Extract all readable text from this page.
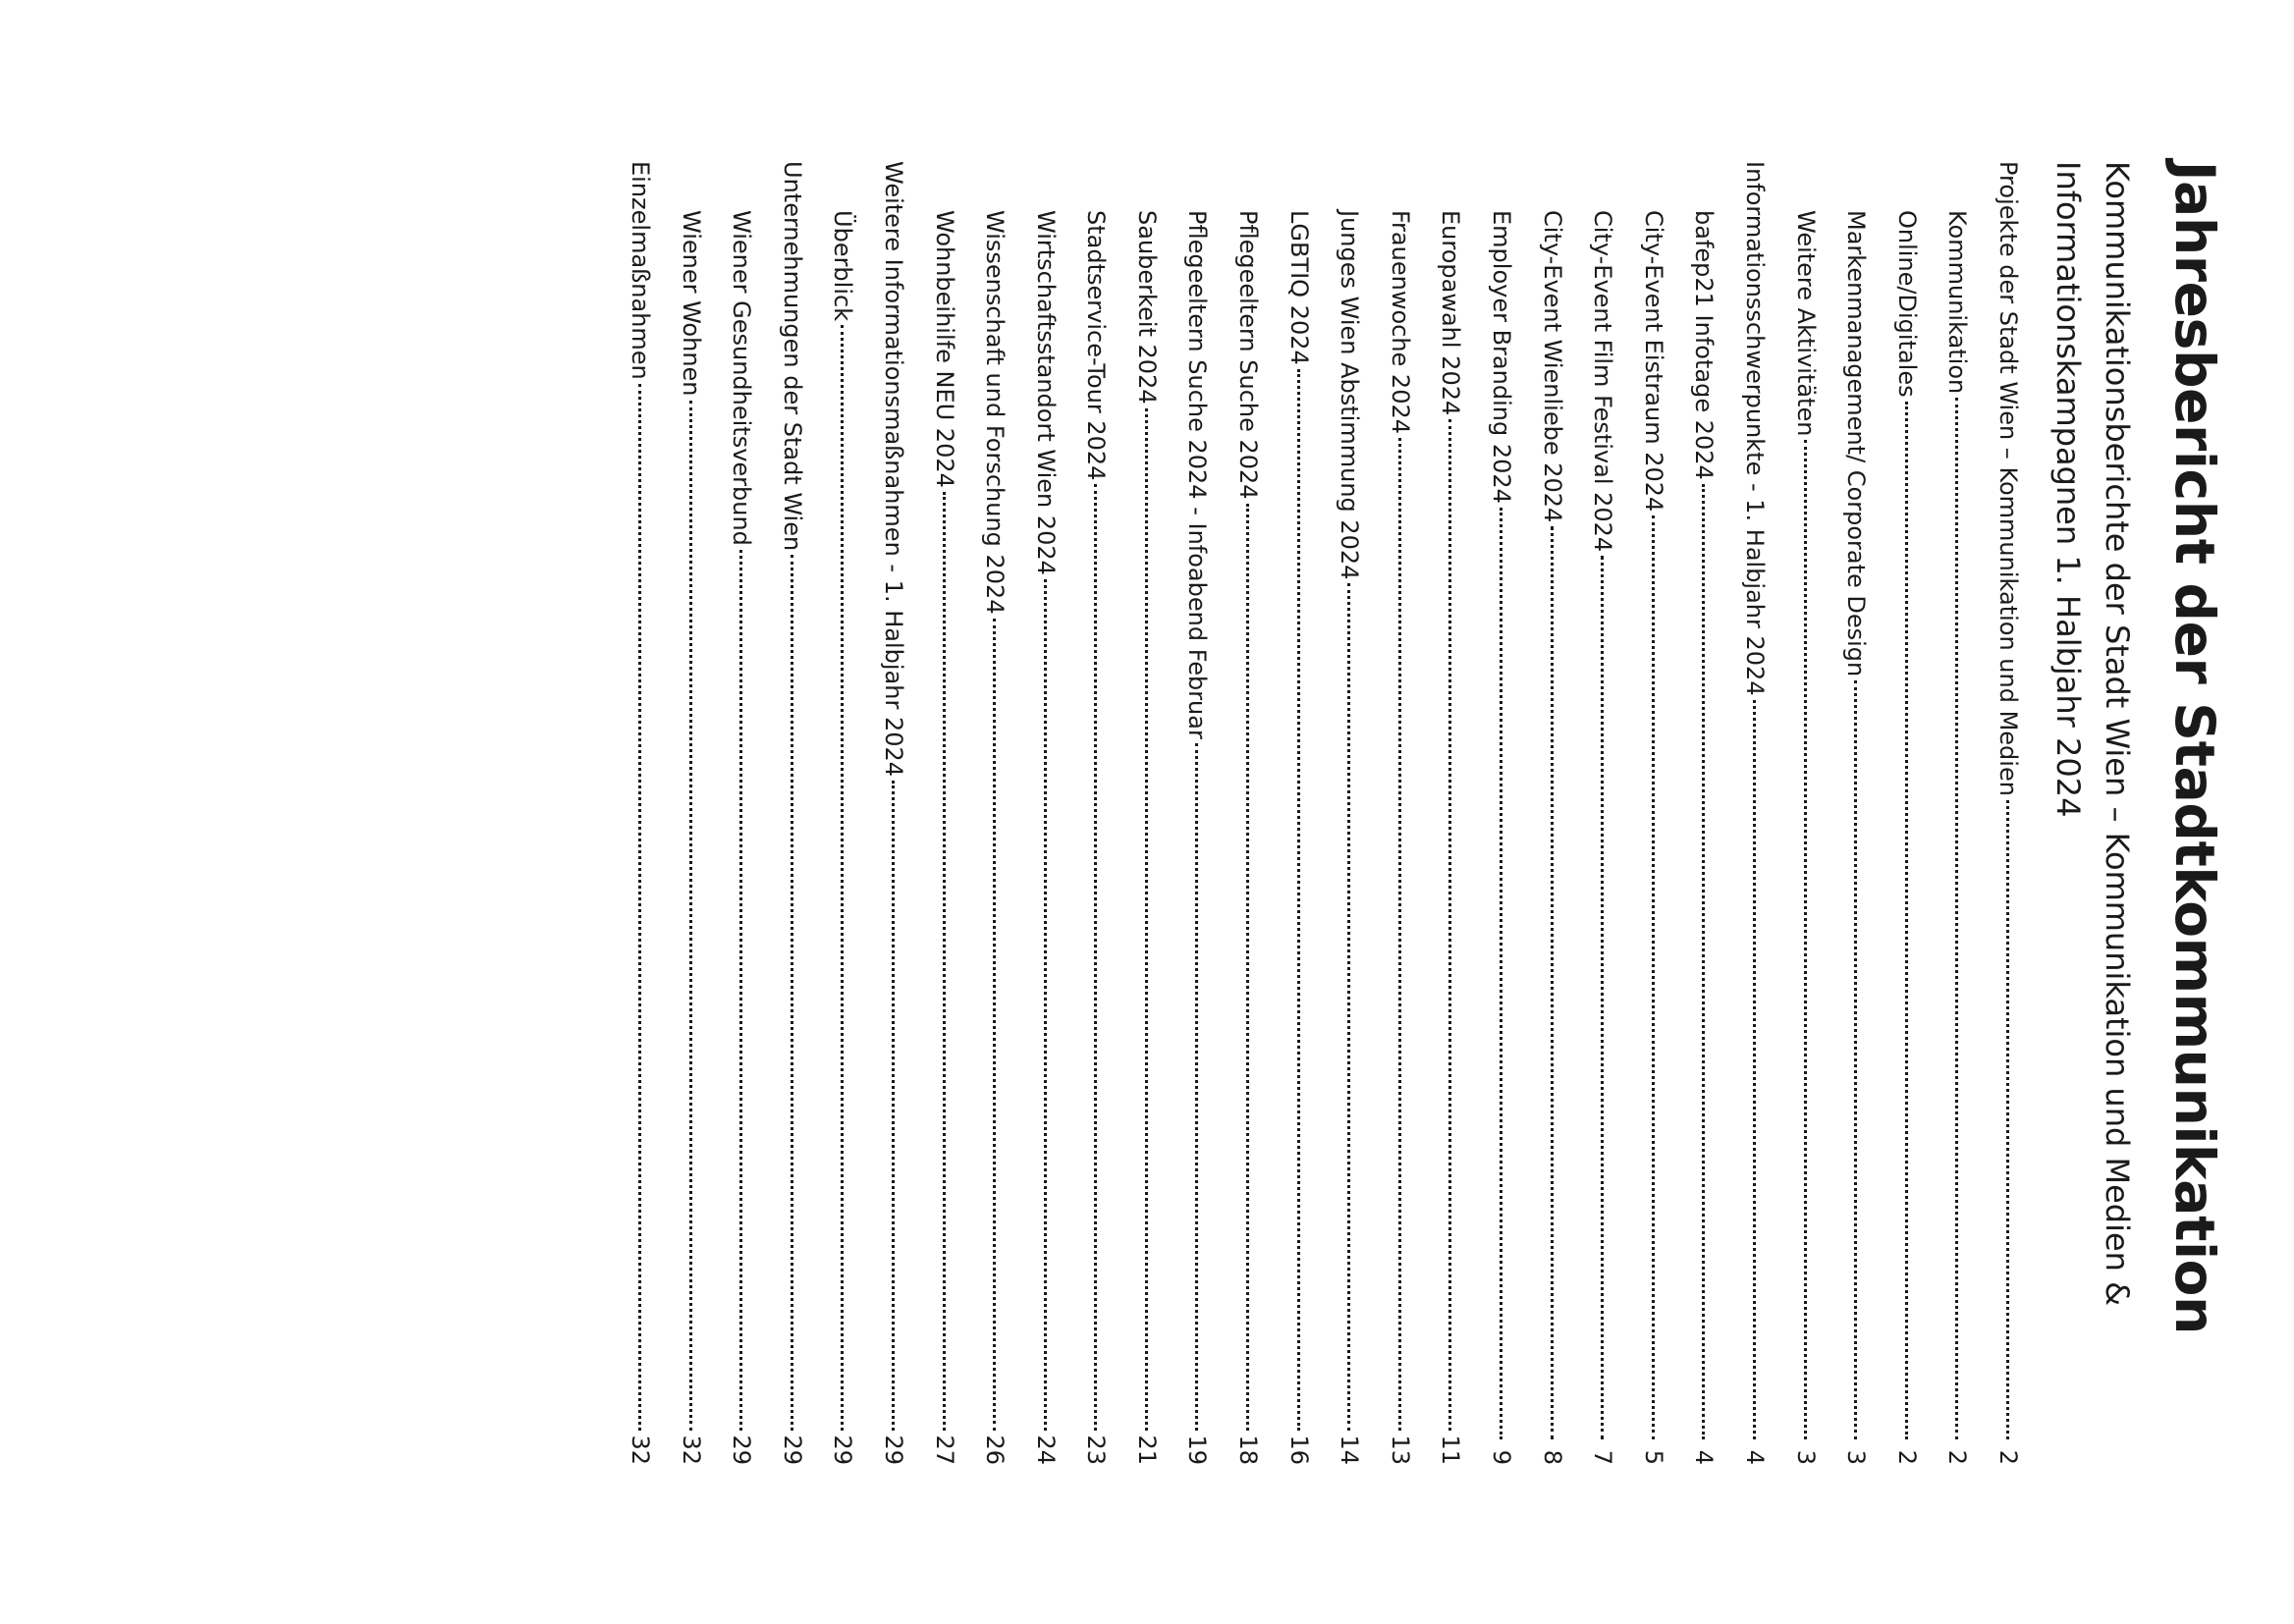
Jahresbericht der Stadtkommunikation
Kommunikationsberichte der Stadt Wien – Kommunikation und Medien & Informationskampagnen 1. Halbjahr 2024
Projekte der Stadt Wien – Kommunikation und Medien
2
Kommunikation
2
Online/Digitales
2
Markenmanagement/ Corporate Design
3
Weitere Aktivitäten
3
Informationsschwerpunkte - 1. Halbjahr 2024
4
bafep21 Infotage 2024
4
City-Event Eistraum 2024
5
City-Event Film Festival 2024
7
City-Event Wienliebe 2024
8
Employer Branding 2024
9
Europawahl 2024
11
Frauenwoche 2024
13
Junges Wien Abstimmung 2024
14
LGBTIQ 2024
16
Pflegeeltern Suche 2024
18
Pflegeeltern Suche 2024 - Infoabend Februar
19
Sauberkeit 2024
21
Stadtservice-Tour 2024
23
Wirtschaftsstandort Wien 2024
24
Wissenschaft und Forschung 2024
26
Wohnbeihilfe NEU 2024
27
Weitere Informationsmaßnahmen - 1. Halbjahr 2024
29
Überblick
29
Unternehmungen der Stadt Wien
29
Wiener Gesundheitsverbund
29
Wiener Wohnen
32
Einzelmaßnahmen
32
